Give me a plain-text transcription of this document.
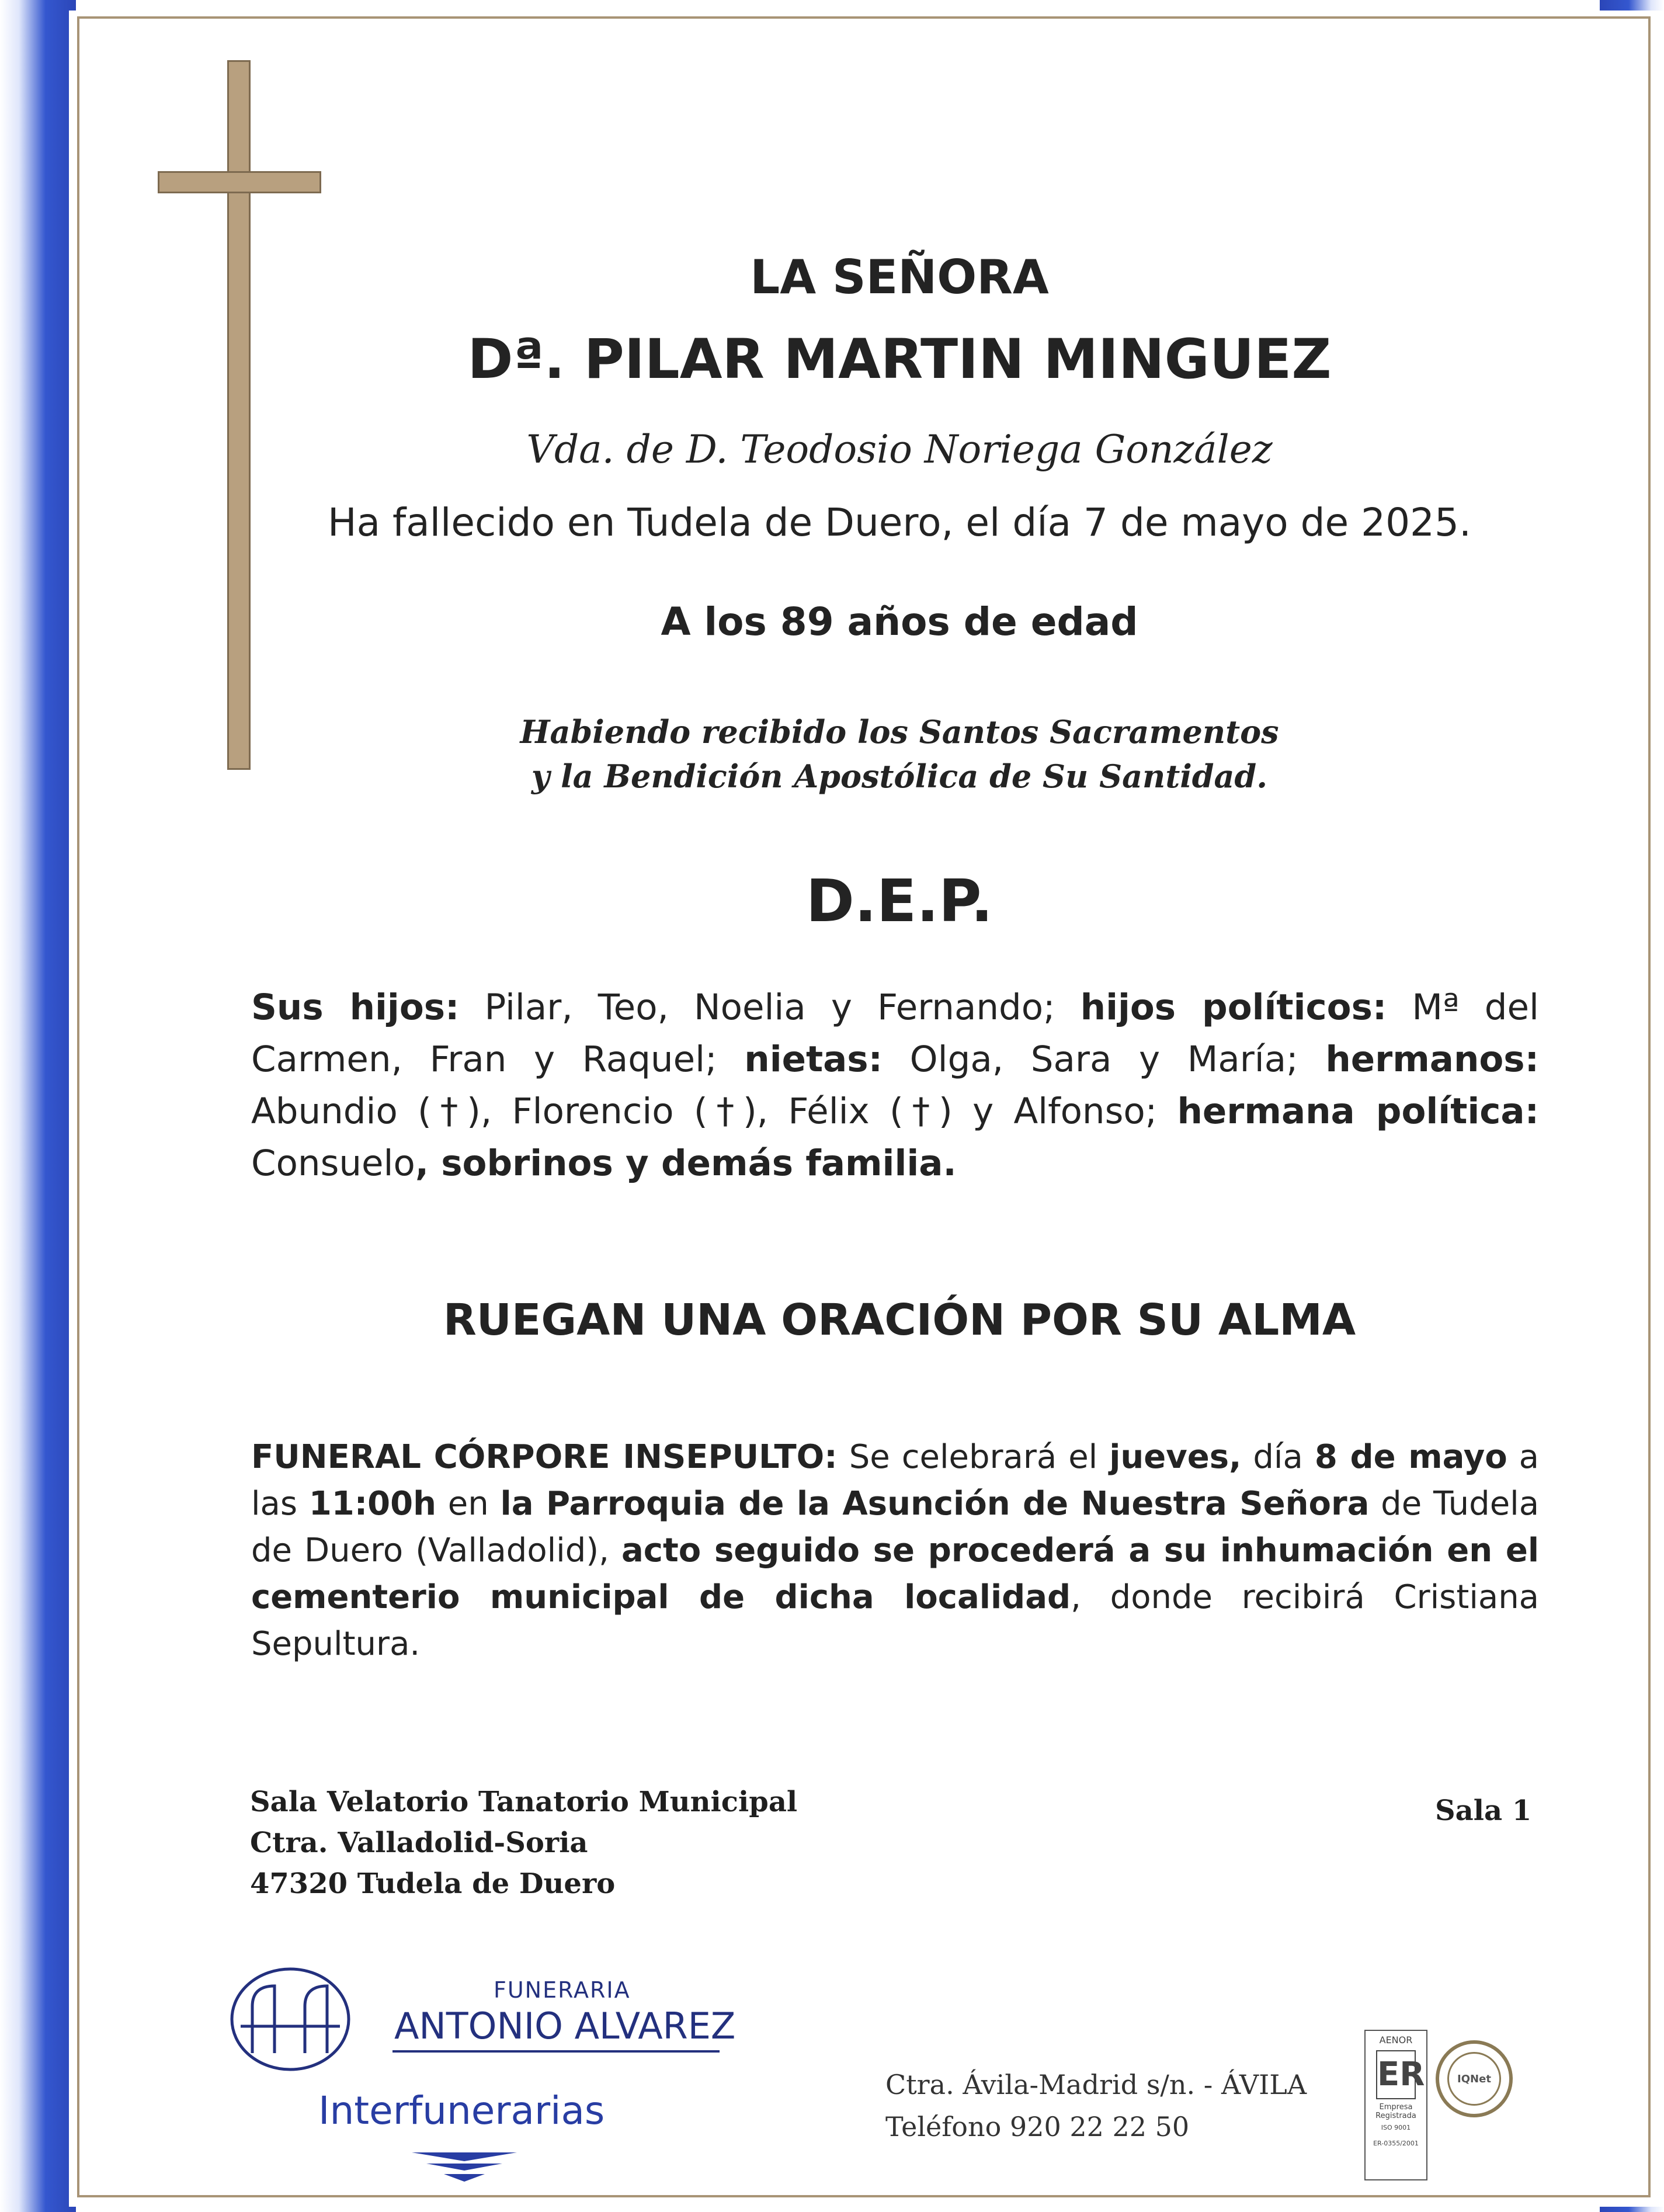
LA SEÑORA
Dª. PILAR MARTIN MINGUEZ
Vda. de D. Teodosio Noriega González
Ha fallecido en Tudela de Duero, el día 7 de mayo de 2025.
A los 89 años de edad
Habiendo recibido los Santos Sacramentos
y la Bendición Apostólica de Su Santidad.
D.E.P.
Sus hijos: Pilar, Teo, Noelia y Fernando; hijos políticos: Mª del Carmen, Fran y Raquel; nietas: Olga, Sara y María; hermanos: Abundio (†), Florencio (†), Félix (†) y Alfonso; hermana política: Consuelo, sobrinos y demás familia.
RUEGAN UNA ORACIÓN POR SU ALMA
FUNERAL CÓRPORE INSEPULTO: Se celebrará el jueves, día 8 de mayo a las 11:00h en la Parroquia de la Asunción de Nuestra Señora de Tudela de Duero (Valladolid), acto seguido se procederá a su inhumación en el cementerio municipal de dicha localidad, donde recibirá Cristiana Sepultura.
Sala Velatorio Tanatorio Municipal
Ctra. Valladolid-Soria
47320 Tudela de Duero
Sala 1
FUNERARIA
ANTONIO ALVAREZ
Interfunerarias
Ctra. Ávila-Madrid s/n. - ÁVILA
Teléfono 920 22 22 50
AENOR
ER
Empresa
Registrada
ISO 9001
ER-0355/2001
IQNet
